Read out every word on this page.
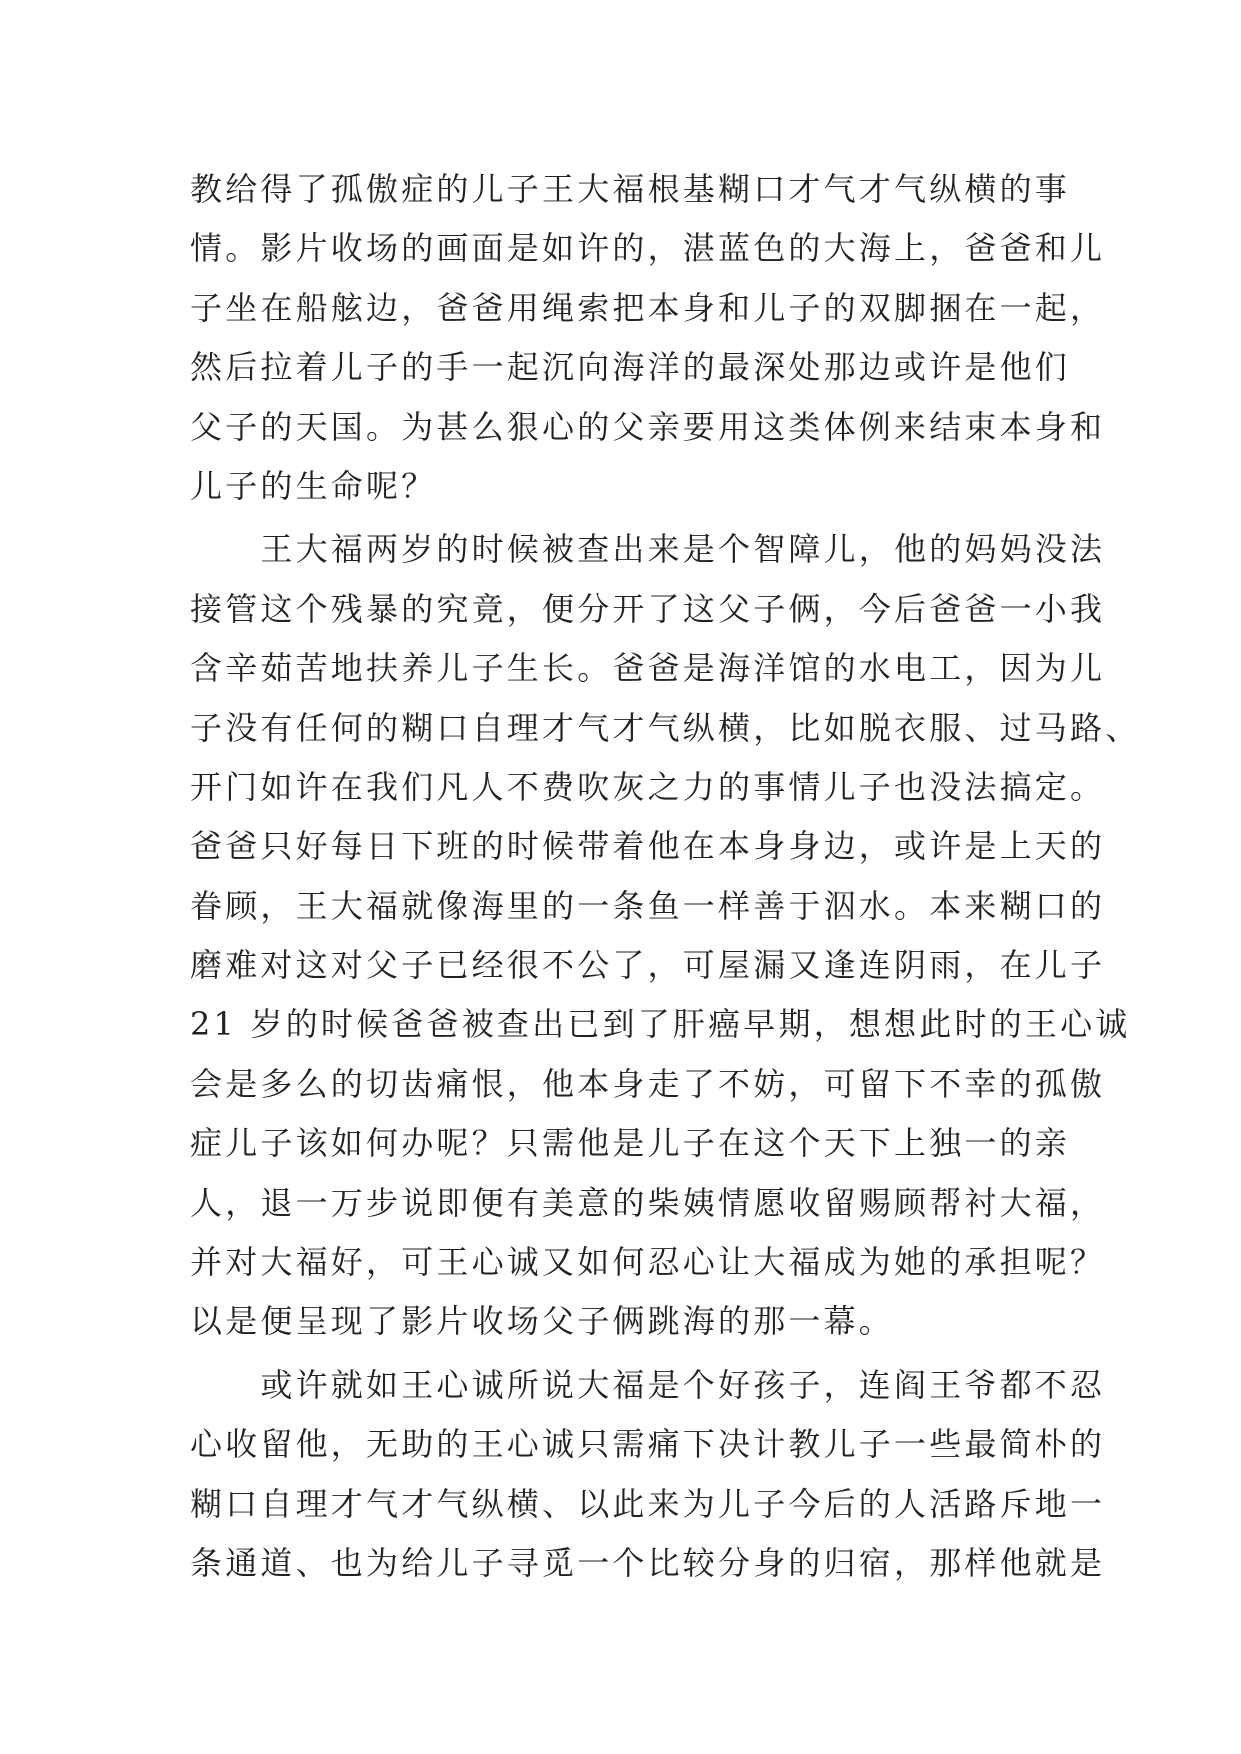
教给得了孤傲症的儿子王大福根基糊口才气才气纵横的事
情。影片收场的画面是如许的，湛蓝色的大海上，爸爸和儿
子坐在船舷边，爸爸用绳索把本身和儿子的双脚捆在一起，
然后拉着儿子的手一起沉向海洋的最深处那边或许是他们
父子的天国。为甚么狠心的父亲要用这类体例来结束本身和
儿子的生命呢？
　　王大福两岁的时候被查出来是个智障儿，他的妈妈没法
接管这个残暴的究竟，便分开了这父子俩，今后爸爸一小我
含辛茹苦地扶养儿子生长。爸爸是海洋馆的水电工，因为儿
子没有任何的糊口自理才气才气纵横，比如脱衣服、过马路、
开门如许在我们凡人不费吹灰之力的事情儿子也没法搞定。
爸爸只好每日下班的时候带着他在本身身边，或许是上天的
眷顾，王大福就像海里的一条鱼一样善于泅水。本来糊口的
磨难对这对父子已经很不公了，可屋漏又逢连阴雨，在儿子
21 岁的时候爸爸被查出已到了肝癌早期，想想此时的王心诚
会是多么的切齿痛恨，他本身走了不妨，可留下不幸的孤傲
症儿子该如何办呢？只需他是儿子在这个天下上独一的亲
人，退一万步说即便有美意的柴姨情愿收留赐顾帮衬大福，
并对大福好，可王心诚又如何忍心让大福成为她的承担呢？
以是便呈现了影片收场父子俩跳海的那一幕。
　　或许就如王心诚所说大福是个好孩子，连阎王爷都不忍
心收留他，无助的王心诚只需痛下决计教儿子一些最简朴的
糊口自理才气才气纵横、以此来为儿子今后的人活路斥地一
条通道、也为给儿子寻觅一个比较分身的归宿，那样他就是
